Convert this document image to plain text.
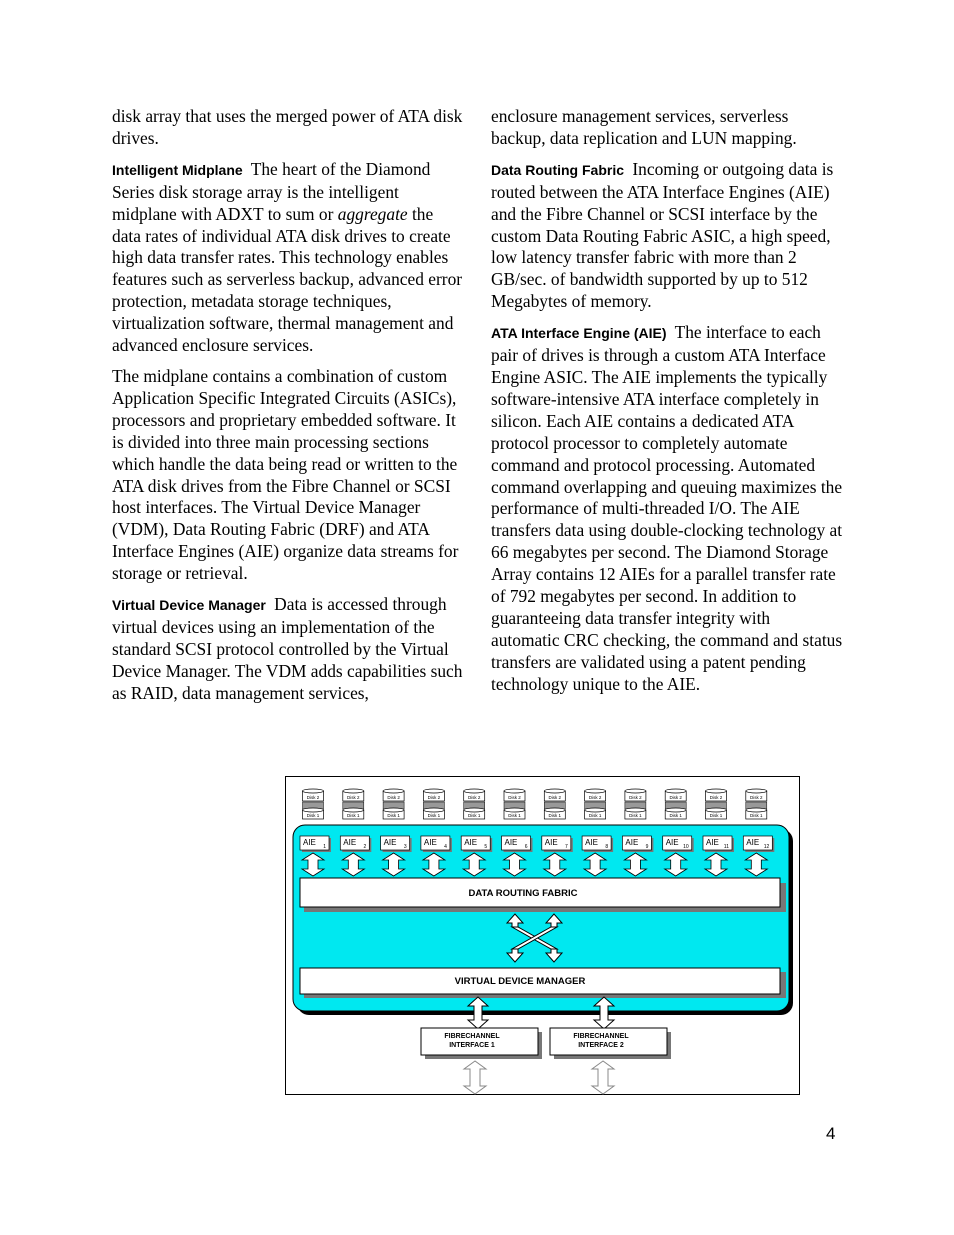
disk array that uses the merged power of ATA disk drives.

Intelligent Midplane The heart of the Diamond Series disk storage array is the intelligent midplane with ADXT to sum or aggregate the data rates of individual ATA disk drives to create high data transfer rates. This technology enables features such as serverless backup, advanced error protection, metadata storage techniques, virtualization software, thermal management and advanced enclosure services.

The midplane contains a combination of custom Application Specific Integrated Circuits (ASICs), processors and proprietary embedded software. It is divided into three main processing sections which handle the data being read or written to the ATA disk drives from the Fibre Channel or SCSI host interfaces. The Virtual Device Manager (VDM), Data Routing Fabric (DRF) and ATA Interface Engines (AIE) organize data streams for storage or retrieval.

Virtual Device Manager Data is accessed through virtual devices using an implementation of the standard SCSI protocol controlled by the Virtual Device Manager. The VDM adds capabilities such as RAID, data management services,

enclosure management services, serverless backup, data replication and LUN mapping.

Data Routing Fabric Incoming or outgoing data is routed between the ATA Interface Engines (AIE) and the Fibre Channel or SCSI interface by the custom Data Routing Fabric ASIC, a high speed, low latency transfer fabric with more than 2 GB/sec. of bandwidth supported by up to 512 Megabytes of memory.

ATA Interface Engine (AIE) The interface to each pair of drives is through a custom ATA Interface Engine ASIC. The AIE implements the typically software-intensive ATA interface completely in silicon. Each AIE contains a dedicated ATA protocol processor to completely automate command and protocol processing. Automated command overlapping and queuing maximizes the performance of multi-threaded I/O. The AIE transfers data using double-clocking technology at 66 megabytes per second. The Diamond Storage Array contains 12 AIEs for a parallel transfer rate of 792 megabytes per second. In addition to guaranteeing data transfer integrity with automatic CRC checking, the command and status transfers are validated using a patent pending technology unique to the AIE.

DATA ROUTING FABRIC
VIRTUAL DEVICE MANAGER
FIBRECHANNEL
INTERFACE 1
FIBRECHANNEL
INTERFACE 2
Disk 2
Disk 1
AIE 1
Disk 2
Disk 1
AIE 2
Disk 2
Disk 1
AIE 3
Disk 2
Disk 1
AIE 4
Disk 2
Disk 1
AIE 5
Disk 2
Disk 1
AIE 6
Disk 2
Disk 1
AIE 7
Disk 2
Disk 1
AIE 8
Disk 2
Disk 1
AIE 9
Disk 2
Disk 1
AIE 10
Disk 2
Disk 1
AIE 11
Disk 2
Disk 1
AIE 12
4
